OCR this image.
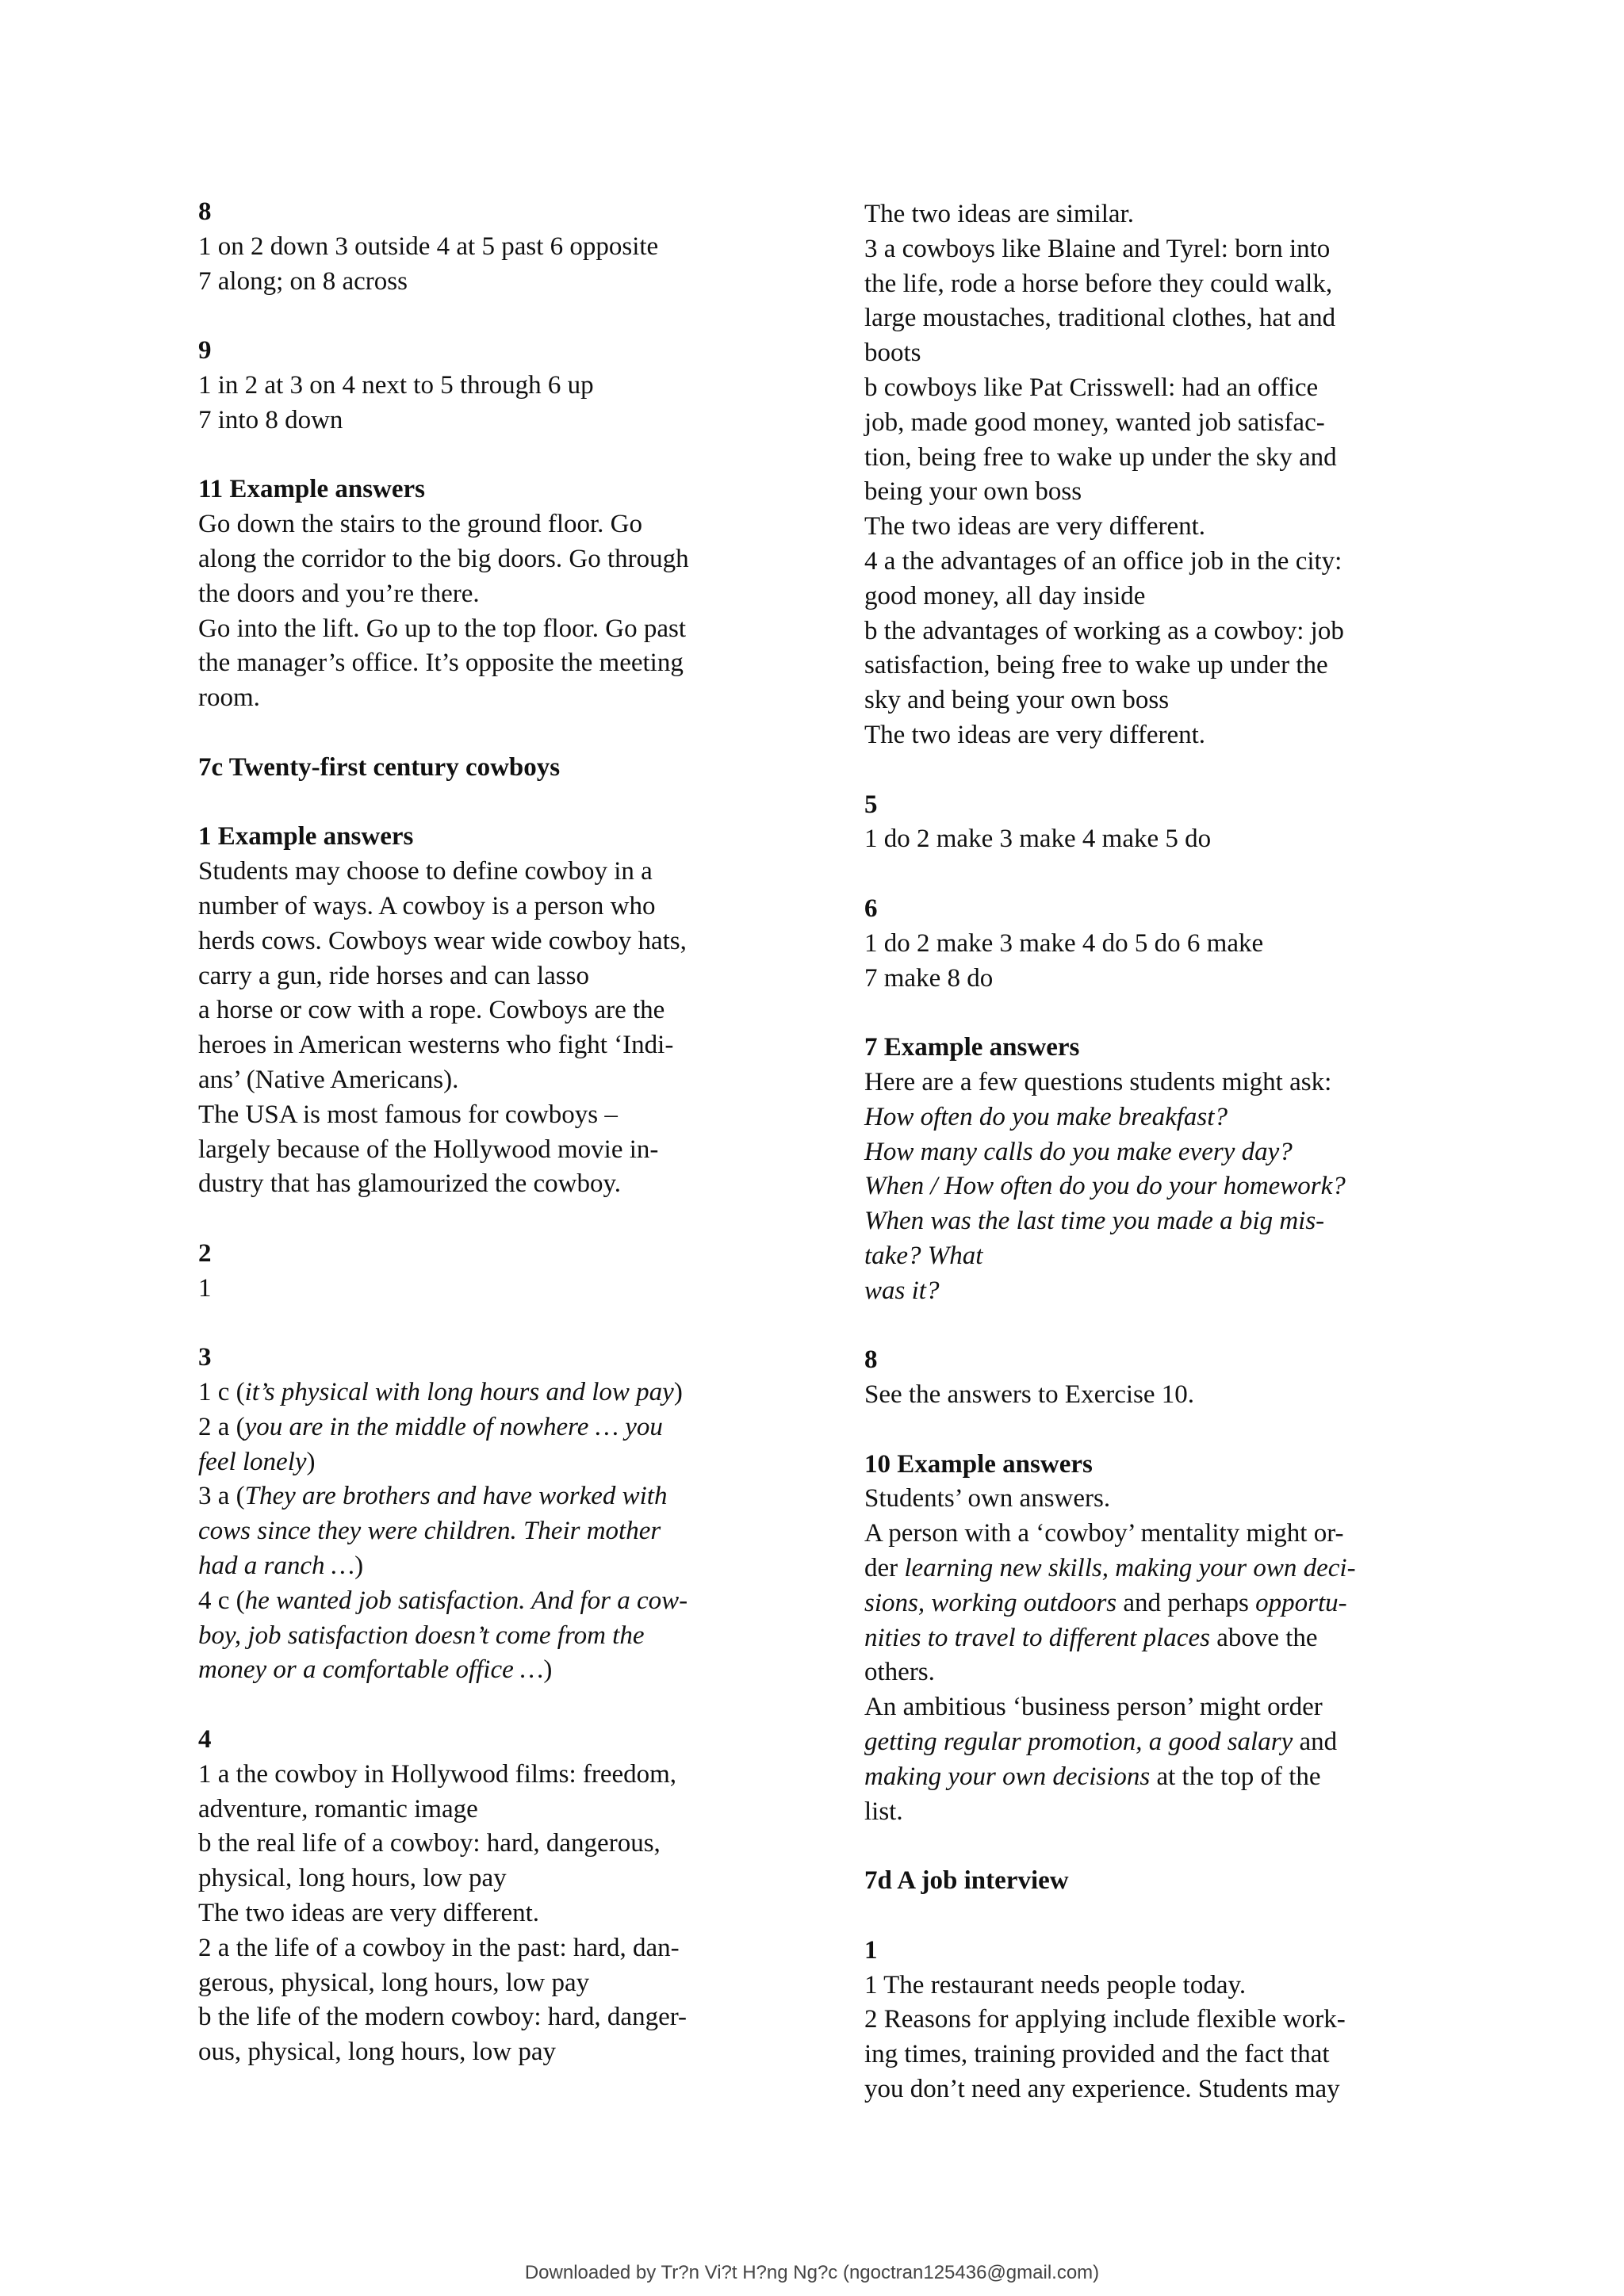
8
1 on 2 down 3 outside 4 at 5 past 6 opposite
7 along; on 8 across
9
1 in 2 at 3 on 4 next to 5 through 6 up
7 into 8 down
11 Example answers
Go down the stairs to the ground floor. Go
along the corridor to the big doors. Go through
the doors and you’re there.
Go into the lift. Go up to the top floor. Go past
the manager’s office. It’s opposite the meeting
room.
7c Twenty-first century cowboys
1 Example answers
Students may choose to define cowboy in a
number of ways. A cowboy is a person who
herds cows. Cowboys wear wide cowboy hats,
carry a gun, ride horses and can lasso
a horse or cow with a rope. Cowboys are the
heroes in American westerns who fight ‘Indi-
ans’ (Native Americans).
The USA is most famous for cowboys –
largely because of the Hollywood movie in-
dustry that has glamourized the cowboy.
2
1
3
1 c (it’s physical with long hours and low pay)
2 a (you are in the middle of nowhere … you
feel lonely)
3 a (They are brothers and have worked with
cows since they were children. Their mother
had a ranch …)
4 c (he wanted job satisfaction. And for a cow-
boy, job satisfaction doesn’t come from the
money or a comfortable office …)
4
1 a the cowboy in Hollywood films: freedom,
adventure, romantic image
b the real life of a cowboy: hard, dangerous,
physical, long hours, low pay
The two ideas are very different.
2 a the life of a cowboy in the past: hard, dan-
gerous, physical, long hours, low pay
b the life of the modern cowboy: hard, danger-
ous, physical, long hours, low pay
The two ideas are similar.
3 a cowboys like Blaine and Tyrel: born into
the life, rode a horse before they could walk,
large moustaches, traditional clothes, hat and
boots
b cowboys like Pat Crisswell: had an office
job, made good money, wanted job satisfac-
tion, being free to wake up under the sky and
being your own boss
The two ideas are very different.
4 a the advantages of an office job in the city:
good money, all day inside
b the advantages of working as a cowboy: job
satisfaction, being free to wake up under the
sky and being your own boss
The two ideas are very different.
5
1 do 2 make 3 make 4 make 5 do
6
1 do 2 make 3 make 4 do 5 do 6 make
7 make 8 do
7 Example answers
Here are a few questions students might ask:
How often do you make breakfast?
How many calls do you make every day?
When / How often do you do your homework?
When was the last time you made a big mis-
take? What
was it?
8
See the answers to Exercise 10.
10 Example answers
Students’ own answers.
A person with a ‘cowboy’ mentality might or-
der learning new skills, making your own deci-
sions, working outdoors and perhaps opportu-
nities to travel to different places above the
others.
An ambitious ‘business person’ might order
getting regular promotion, a good salary and
making your own decisions at the top of the
list.
7d A job interview
1
1 The restaurant needs people today.
2 Reasons for applying include flexible work-
ing times, training provided and the fact that
you don’t need any experience. Students may
Downloaded by Tr?n Vi?t H?ng Ng?c (ngoctran125436@gmail.com)
